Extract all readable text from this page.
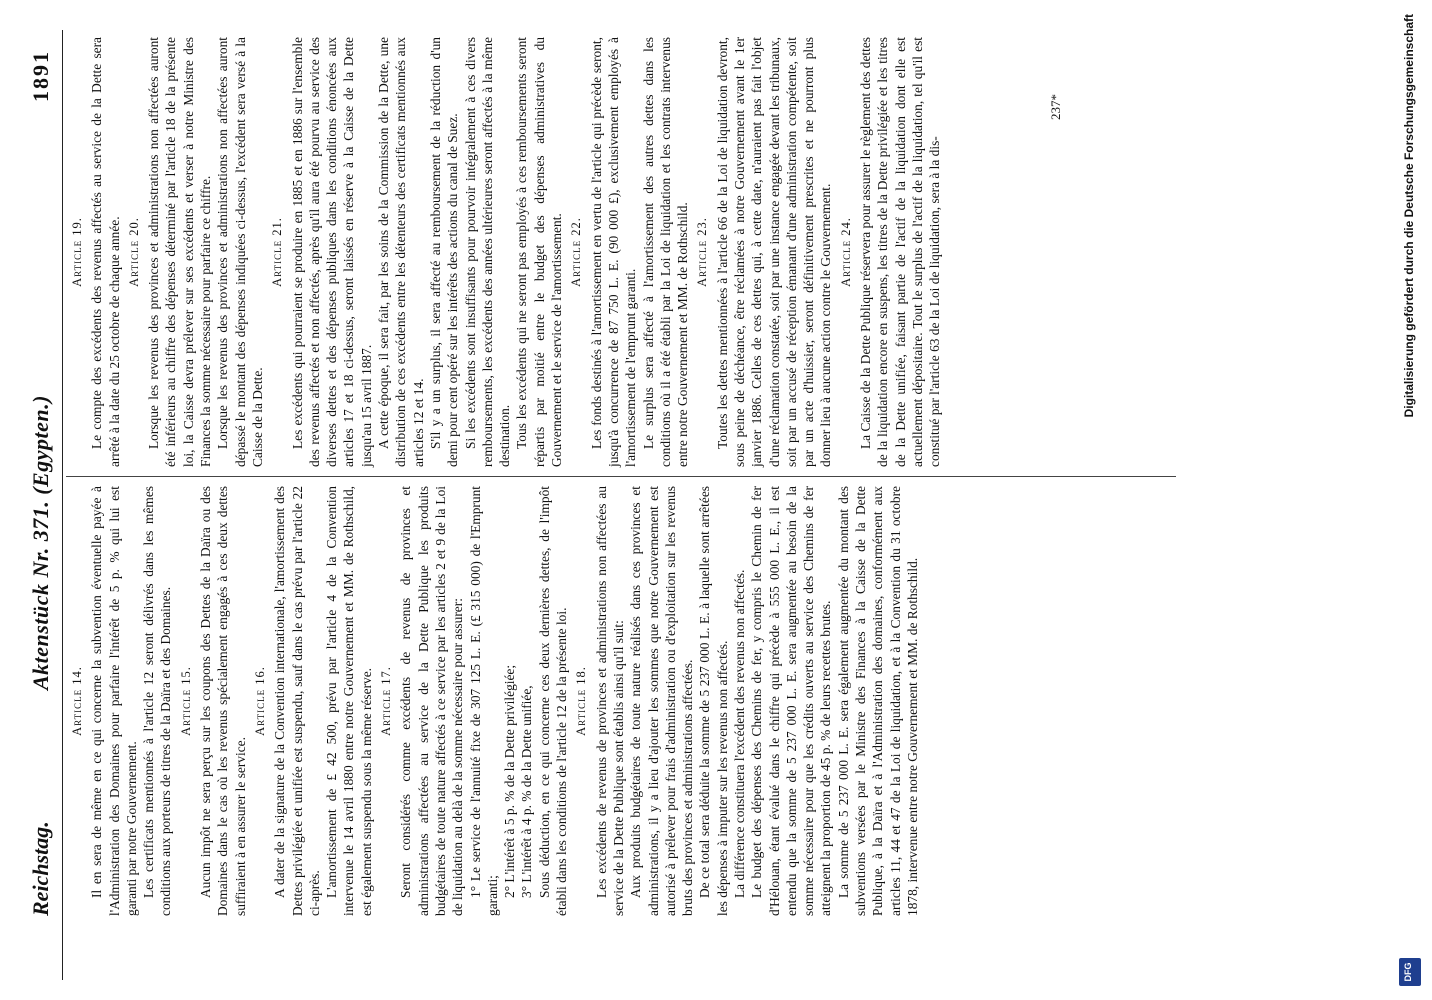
Reichstag.
Aktenstück Nr. 371. (Egypten.)
1891
Article 14. Il en sera de même en ce qui concerne la subvention éventuelle payée à l'Administration des Domaines pour parfaire l'intérêt de 5 p. % qui lui est garanti par notre Gouvernement. Les certificats mentionnés à l'article 12 seront délivrés dans les mêmes conditions aux porteurs de titres de la Daïra et des Domaines. Article 15. Aucun impôt ne sera perçu sur les coupons des Dettes de la Daïra ou des Domaines dans le cas où les revenus spécialement engagés à ces deux dettes suffiraient à en assurer le service.
Article 16. A dater de la signature de la Convention internationale, l'amortissement des Dettes privilégiée et unifiée est suspendu, sauf dans le cas prévu par l'article 22 ci-après. L'amortissement de £ 42 500, prévu par l'article 4 de la Convention intervenue le 14 avril 1880 entre notre Gouvernement et MM. de Rothschild, est également suspendu sous la même réserve. Article 17. Seront considérés comme excédents de revenus de provinces et administrations affectées au service de la Dette Publique les produits budgétaires de toute nature affectés à ce service par les articles 2 et 9 de la Loi de liquidation au delà de la somme nécessaire pour assurer: 1° Le service de l'annuité fixe de 307 125 L. E. (£ 315 000) de l'Emprunt garanti; 2° L'intérêt à 5 p. % de la Dette privilégiée; 3° L'intérêt à 4 p. % de la Dette unifiée, Sous déduction, en ce qui concerne ces deux dernières dettes, de l'impôt établi dans les conditions de l'article 12 de la présente loi. Article 18. Les excédents de revenus de provinces et administrations non affectées au service de la Dette Publique sont établis ainsi qu'il suit: Aux produits budgétaires de toute nature réalisés dans ces provinces et administrations, il y a lieu d'ajouter les sommes que notre Gouvernement est autorisé à prélever pour frais d'administration ou d'exploitation sur les revenus bruts des provinces et administrations affectées. De ce total sera déduite la somme de 5 237 000 L. E. à laquelle sont arrêtées les dépenses à imputer sur les revenus non affectés. La différence constituera l'excédent des revenus non affectés. Le budget des dépenses des Chemins de fer, y compris le Chemin de fer d'Hélouan, étant évalué dans le chiffre qui précède à 555 000 L. E., il est entendu que la somme de 5 237 000 L. E. sera augmentée au besoin de la somme nécessaire pour que les crédits ouverts au service des Chemins de fer atteignent la proportion de 45 p. % de leurs recettes brutes. La somme de 5 237 000 L. E. sera également augmentée du montant des subventions versées par le Ministre des Finances à la Caisse de la Dette Publique, à la Daïra et à l'Administration des domaines, conformément aux articles 11, 44 et 47 de la Loi de liquidation, et à la Convention du 31 octobre 1878, intervenue entre notre Gouvernement et MM. de Rothschild.
Article 19. Le compte des excédents des revenus affectés au service de la Dette sera arrêté à la date du 25 octobre de chaque année. Article 20. Lorsque les revenus des provinces et administrations non affectées auront été inférieurs au chiffre des dépenses déterminé par l'article 18 de la présente loi, la Caisse devra prélever sur ses excédents et verser à notre Ministre des Finances la somme nécessaire pour parfaire ce chiffre. Lorsque les revenus des provinces et administrations non affectées auront dépassé le montant des dépenses indiquées ci-dessus, l'excédent sera versé à la Caisse de la Dette.
Article 21. Les excédents qui pourraient se produire en 1885 et en 1886 sur l'ensemble des revenus affectés et non affectés, après qu'il aura été pourvu au service des diverses dettes et des dépenses publiques dans les conditions énoncées aux articles 17 et 18 ci-dessus, seront laissés en réserve à la Caisse de la Dette jusqu'au 15 avril 1887. A cette époque, il sera fait, par les soins de la Commission de la Dette, une distribution de ces excédents entre les détenteurs des certificats mentionnés aux articles 12 et 14. S'il y a un surplus, il sera affecté au remboursement de la réduction d'un demi pour cent opéré sur les intérêts des actions du canal de Suez. Si les excédents sont insuffisants pour pourvoir intégralement à ces divers remboursements, les excédents des années ultérieures seront affectés à la même destination. Tous les excédents qui ne seront pas employés à ces remboursements seront répartis par moitié entre le budget des dépenses administratives du Gouvernement et le service de l'amortissement. Article 22. Les fonds destinés à l'amortissement en vertu de l'article qui précède seront, jusqu'à concurrence de 87 750 L. E. (90 000 £), exclusivement employés à l'amortissement de l'emprunt garanti. Le surplus sera affecté à l'amortissement des autres dettes dans les conditions où il a été établi par la Loi de liquidation et les contrats intervenus entre notre Gouvernement et MM. de Rothschild. Article 23. Toutes les dettes mentionnées à l'article 66 de la Loi de liquidation devront, sous peine de déchéance, être réclamées à notre Gouvernement avant le 1er janvier 1886. Celles de ces dettes qui, à cette date, n'auraient pas fait l'objet d'une réclamation constatée, soit par une instance engagée devant les tribunaux, soit par un accusé de réception émanant d'une administration compétente, soit par un acte d'huissier, seront définitivement prescrites et ne pourront plus donner lieu à aucune action contre le Gouvernement. Article 24. La Caisse de la Dette Publique réservera pour assurer le règlement des dettes de la liquidation encore en suspens, les titres de la Dette privilégiée et les titres de la Dette unifiée, faisant partie de l'actif de la liquidation dont elle est actuellement dépositaire. Tout le surplus de l'actif de la liquidation, tel qu'il est constitué par l'article 63 de la Loi de liquidation, sera à la dis-
237*
DFG
Digitalisierung gefördert durch die Deutsche Forschungsgemeinschaft
